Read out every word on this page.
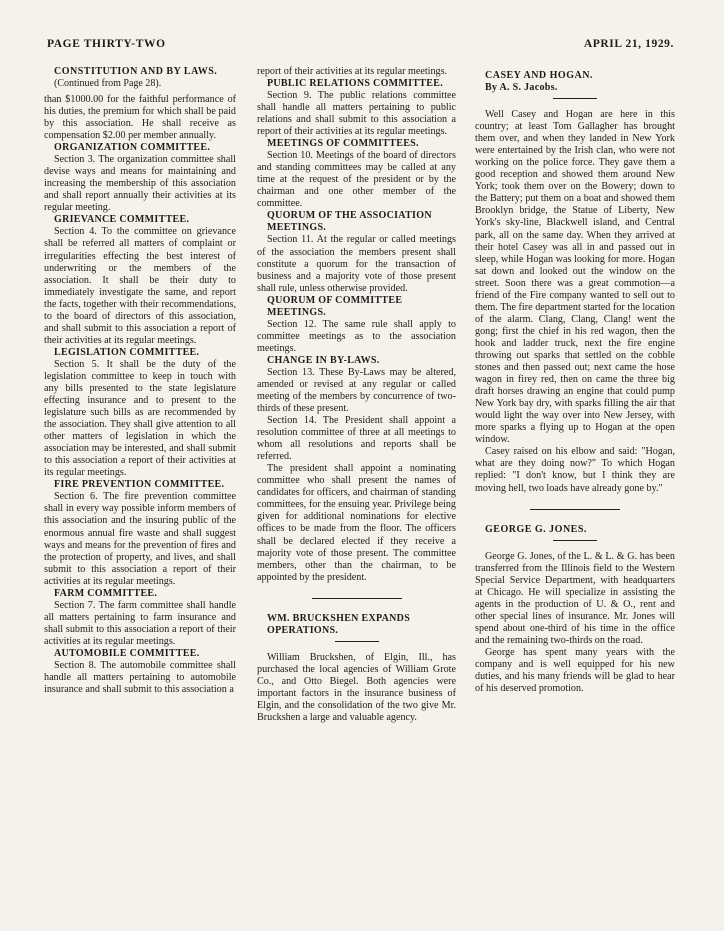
PAGE THIRTY-TWO	APRIL 21, 1929.

CONSTITUTION AND BY LAWS.

(Continued from Page 28).

than $1000.00 for the faithful performance of his duties, the premium for which shall be paid by this association. He shall receive as compensation $2.00 per member annually.

ORGANIZATION COMMITTEE.

Section 3. The organization committee shall devise ways and means for maintaining and increasing the membership of this association and shall report annually their activities at its regular meeting.

GRIEVANCE COMMITTEE.

Section 4. To the committee on grievance shall be referred all matters of complaint or irregularities effecting the best interest of underwriting or the members of the association. It shall be their duty to immediately investigate the same, and report the facts, together with their recommendations, to the board of directors of this association, and shall submit to this association a report of their activities at its regular meetings.

LEGISLATION COMMITTEE.

Section 5. It shall be the duty of the legislation committee to keep in touch with any bills presented to the state legislature effecting insurance and to present to the legislature such bills as are recommended by the association. They shall give attention to all other matters of legislation in which the association may be interested, and shall submit to this association a report of their activities at its regular meetings.

FIRE PREVENTION COMMITTEE.

Section 6. The fire prevention committee shall in every way possible inform members of this association and the insuring public of the enormous annual fire waste and shall suggest ways and means for the prevention of fires and the protection of property, and lives, and shall submit to this association a report of their activities at its regular meetings.

FARM COMMITTEE.

Section 7. The farm committee shall handle all matters pertaining to farm insurance and shall submit to this association a report of their activities at its regular meetings.

AUTOMOBILE COMMITTEE.

Section 8. The automobile committee shall handle all matters pertaining to automobile insurance and shall submit to this association a

report of their activities at its regular meetings.

PUBLIC RELATIONS COMMITTEE.

Section 9. The public relations committee shall handle all matters pertaining to public relations and shall submit to this association a report of their activities at its regular meetings.

MEETINGS OF COMMITTEES.

Section 10. Meetings of the board of directors and standing committees may be called at any time at the request of the president or by the chairman and one other member of the committee.

QUORUM OF THE ASSOCIATION

MEETINGS.

Section 11. At the regular or called meetings of the association the members present shall constitute a quorum for the transaction of business and a majority vote of those present shall rule, unless otherwise provided.

QUORUM OF COMMITTEE

MEETINGS.

Section 12. The same rule shall apply to committee meetings as to the association meetings.

CHANGE IN BY-LAWS.

Section 13. These By-Laws may be altered, amended or revised at any regular or called meeting of the members by concurrence of two-thirds of these present.

Section 14. The President shall appoint a resolution committee of three at all meetings to whom all resolutions and reports shall be referred.

The president shall appoint a nominating committee who shall present the names of candidates for officers, and chairman of standing committees, for the ensuing year. Privilege being given for additional nominations for elective offices to be made from the floor. The officers shall be declared elected if they receive a majority vote of those present. The committee members, other than the chairman, to be appointed by the president.

WM. BRUCKSHEN EXPANDS

OPERATIONS.

William Bruckshen, of Elgin, Ill., has purchased the local agencies of William Grote Co., and Otto Biegel. Both agencies were important factors in the insurance business of Elgin, and the consolidation of the two give Mr. Bruckshen a large and valuable agency.

CASEY AND HOGAN.

By A. S. Jacobs.

Well Casey and Hogan are here in this country; at least Tom Gallagher has brought them over, and when they landed in New York were entertained by the Irish clan, who were not working on the police force. They gave them a good reception and showed them around New York; took them over on the Bowery; down to the Battery; put them on a boat and showed them Brooklyn bridge, the Statue of Liberty, New York's sky-line, Blackwell island, and Central park, all on the same day. When they arrived at their hotel Casey was all in and passed out in sleep, while Hogan was looking for more. Hogan sat down and looked out the window on the street. Soon there was a great commotion—a friend of the Fire company wanted to sell out to them. The fire department started for the location of the alarm. Clang, Clang, Clang! went the gong; first the chief in his red wagon, then the hook and ladder truck, next the fire engine throwing out sparks that settled on the cobble stones and then passed out; next came the hose wagon in firey red, then on came the three big draft horses drawing an engine that could pump New York bay dry, with sparks filling the air that would light the way over into New Jersey, with more sparks a flying up to Hogan at the open window.

Casey raised on his elbow and said: "Hogan, what are they doing now?" To which Hogan replied: "I don't know, but I think they are moving hell, two loads have already gone by."

GEORGE G. JONES.

George G. Jones, of the L. & L. & G. has been transferred from the Illinois field to the Western Special Service Department, with headquarters at Chicago. He will specialize in assisting the agents in the production of U. & O., rent and other special lines of insurance. Mr. Jones will spend about one-third of his time in the office and the remaining two-thirds on the road.

George has spent many years with the company and is well equipped for his new duties, and his many friends will be glad to hear of his deserved promotion.
